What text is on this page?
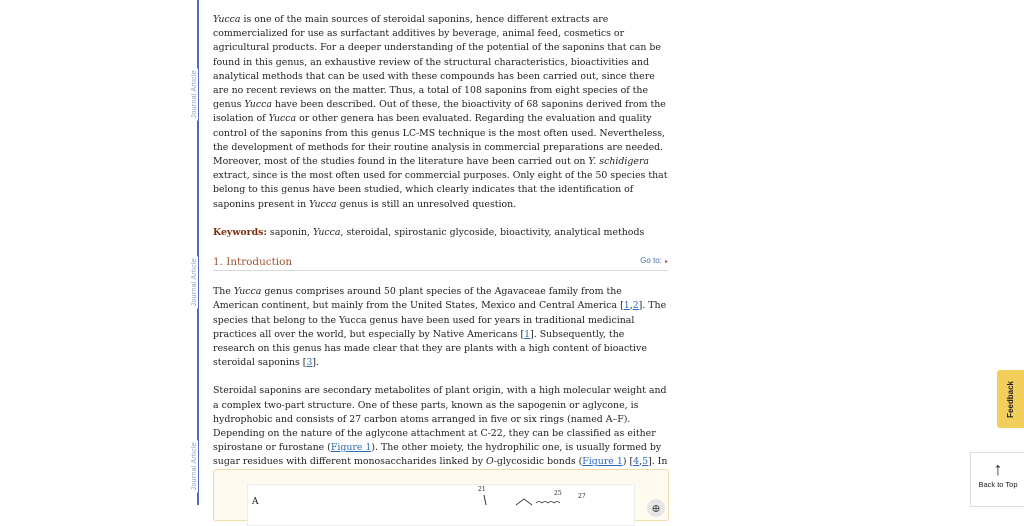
Journal Article
Journal Article
Journal Article

Yucca is one of the main sources of steroidal saponins, hence different extracts are commercialized for use as surfactant additives by beverage, animal feed, cosmetics or agricultural products. For a deeper understanding of the potential of the saponins that can be found in this genus, an exhaustive review of the structural characteristics, bioactivities and analytical methods that can be used with these compounds has been carried out, since there are no recent reviews on the matter. Thus, a total of 108 saponins from eight species of the genus Yucca have been described. Out of these, the bioactivity of 68 saponins derived from the isolation of Yucca or other genera has been evaluated. Regarding the evaluation and quality control of the saponins from this genus LC-MS technique is the most often used. Nevertheless, the development of methods for their routine analysis in commercial preparations are needed. Moreover, most of the studies found in the literature have been carried out on Y. schidigera extract, since is the most often used for commercial purposes. Only eight of the 50 species that belong to this genus have been studied, which clearly indicates that the identification of saponins present in Yucca genus is still an unresolved question.

Keywords: saponin, Yucca, steroidal, spirostanic glycoside, bioactivity, analytical methods

1. Introduction	Go to: ▸

The Yucca genus comprises around 50 plant species of the Agavaceae family from the American continent, but mainly from the United States, Mexico and Central America [1,2]. The species that belong to the Yucca genus have been used for years in traditional medicinal practices all over the world, but especially by Native Americans [1]. Subsequently, the research on this genus has made clear that they are plants with a high content of bioactive steroidal saponins [3].

Steroidal saponins are secondary metabolites of plant origin, with a high molecular weight and a complex two-part structure. One of these parts, known as the sapogenin or aglycone, is hydrophobic and consists of 27 carbon atoms arranged in five or six rings (named A–F). Depending on the nature of the aglycone attachment at C-22, they can be classified as either spirostane or furostane (Figure 1). The other moiety, the hydrophilic one, is usually formed by sugar residues with different monosaccharides linked by O-glycosidic bonds (Figure 1) [4,5]. In

A
21
25	27
⊕
Feedback
↑
Back to Top
